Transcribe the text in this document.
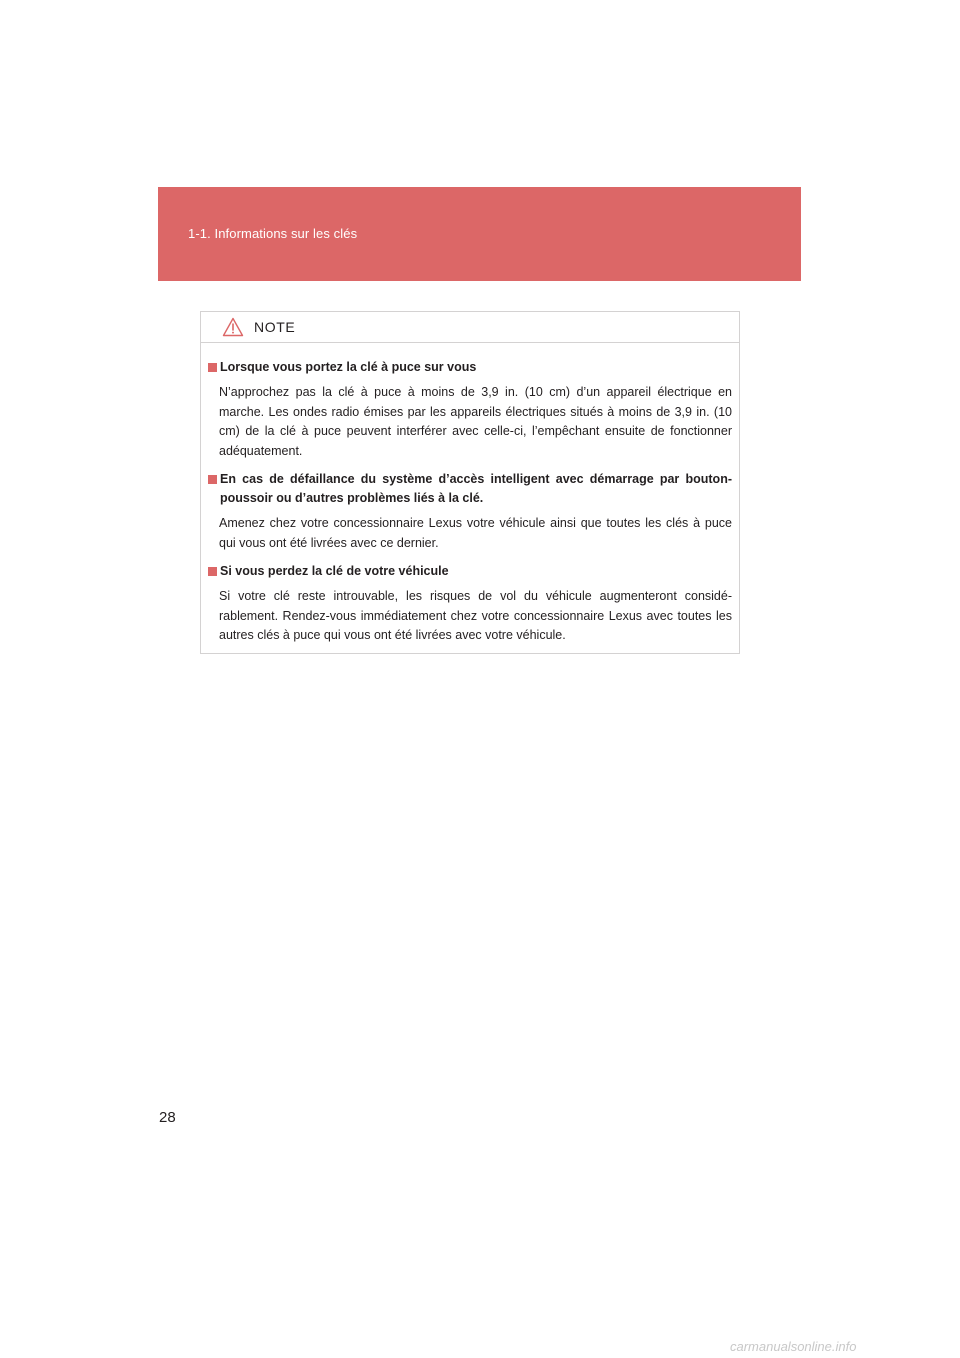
1-1. Informations sur les clés
NOTE
Lorsque vous portez la clé à puce sur vous
N’approchez pas la clé à puce à moins de 3,9 in. (10 cm) d’un appareil électrique en marche. Les ondes radio émises par les appareils électriques situés à moins de 3,9 in. (10 cm) de la clé à puce peuvent interférer avec celle-ci, l’empêchant ensuite de fonctionner adéquatement.
En cas de défaillance du système d’accès intelligent avec démarrage par bouton-poussoir ou d’autres problèmes liés à la clé.
Amenez chez votre concessionnaire Lexus votre véhicule ainsi que toutes les clés à puce qui vous ont été livrées avec ce dernier.
Si vous perdez la clé de votre véhicule
Si votre clé reste introuvable, les risques de vol du véhicule augmenteront considé-rablement. Rendez-vous immédiatement chez votre concessionnaire Lexus avec toutes les autres clés à puce qui vous ont été livrées avec votre véhicule.
28
carmanualsonline.info
